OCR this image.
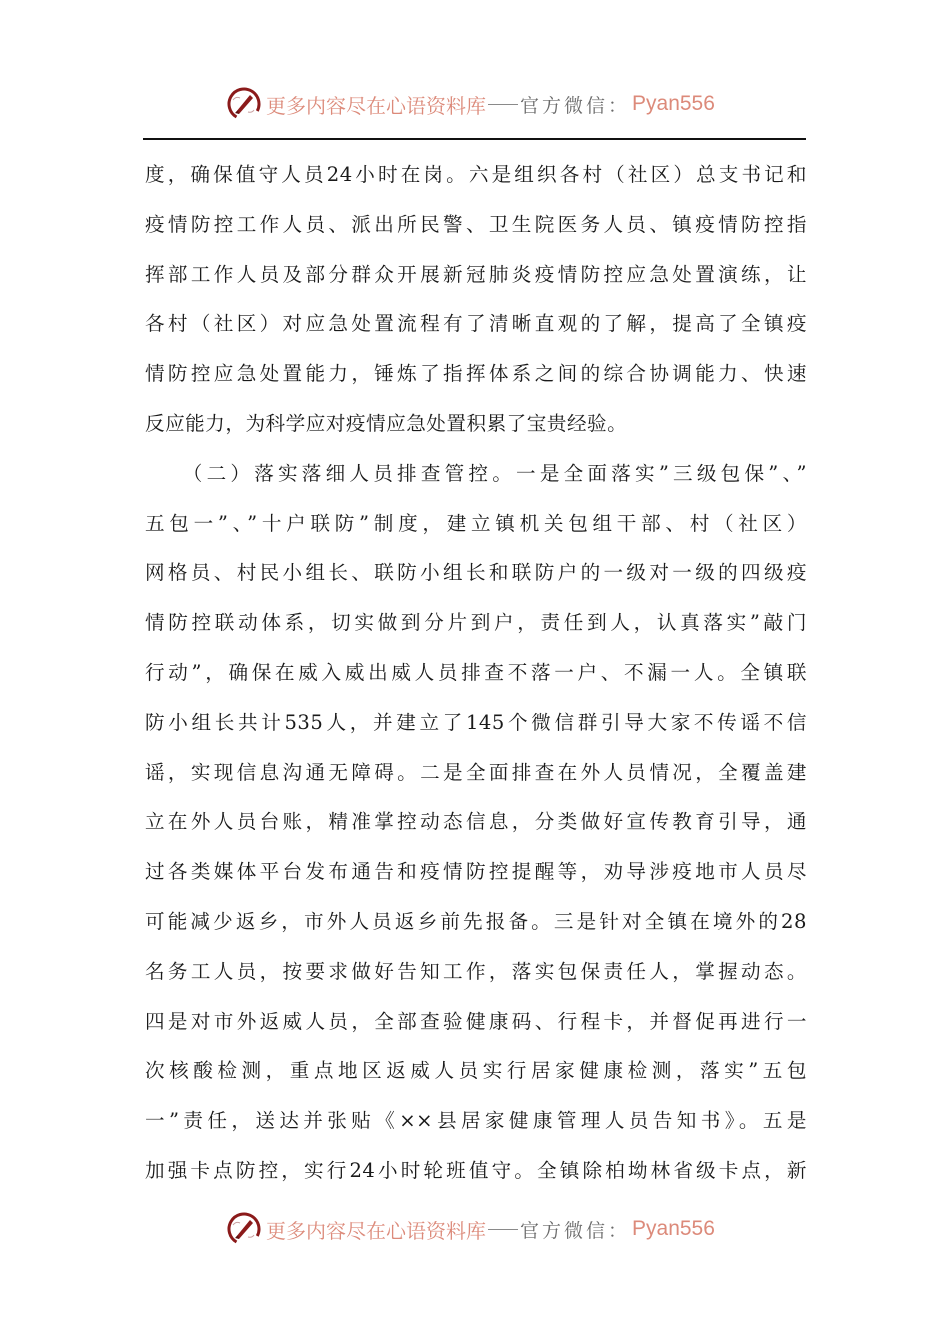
更多内容尽在心语资料库 官方微信： Pyan556
度，确保值守人员24小时在岗。六是组织各村（社区）总支书记和
疫情防控工作人员、派出所民警、卫生院医务人员、镇疫情防控指
挥部工作人员及部分群众开展新冠肺炎疫情防控应急处置演练，让
各村（社区）对应急处置流程有了清晰直观的了解，提高了全镇疫
情防控应急处置能力，锤炼了指挥体系之间的综合协调能力、快速
反应能力，为科学应对疫情应急处置积累了宝贵经验。
　　（二）落实落细人员排查管控。一是全面落实”三级包保”、”
五包一”、”十户联防”制度，建立镇机关包组干部、村（社区）
网格员、村民小组长、联防小组长和联防户的一级对一级的四级疫
情防控联动体系，切实做到分片到户，责任到人，认真落实”敲门
行动”，确保在威入威出威人员排查不落一户、不漏一人。全镇联
防小组长共计535人，并建立了145个微信群引导大家不传谣不信
谣，实现信息沟通无障碍。二是全面排查在外人员情况，全覆盖建
立在外人员台账，精准掌控动态信息，分类做好宣传教育引导，通
过各类媒体平台发布通告和疫情防控提醒等，劝导涉疫地市人员尽
可能减少返乡，市外人员返乡前先报备。三是针对全镇在境外的28
名务工人员，按要求做好告知工作，落实包保责任人，掌握动态。
四是对市外返威人员，全部查验健康码、行程卡，并督促再进行一
次核酸检测，重点地区返威人员实行居家健康检测，落实”五包
一”责任，送达并张贴《××县居家健康管理人员告知书》。五是
加强卡点防控，实行24小时轮班值守。全镇除柏坳林省级卡点，新
更多内容尽在心语资料库 官方微信： Pyan556
